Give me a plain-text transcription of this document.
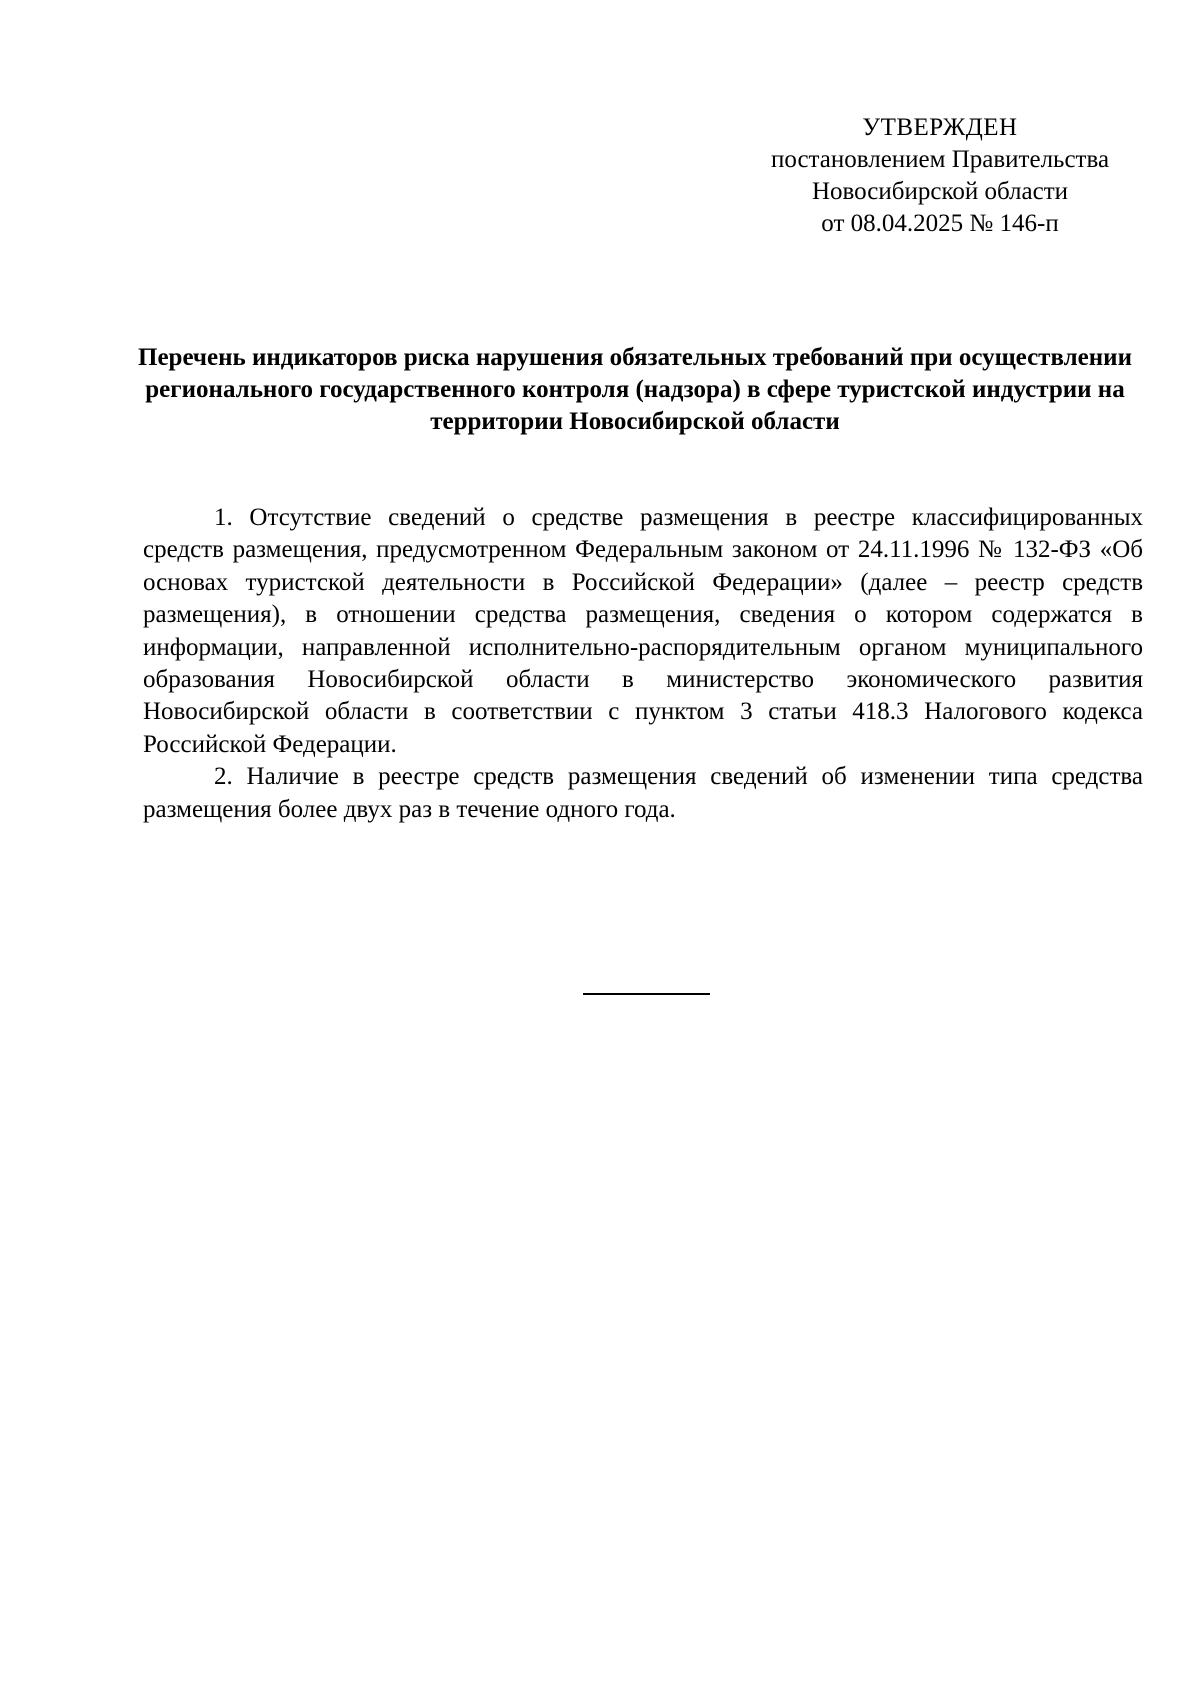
УТВЕРЖДЕН
постановлением Правительства
Новосибирской области
от 08.04.2025 № 146-п
Перечень индикаторов риска нарушения обязательных требований при осуществлении регионального государственного контроля (надзора) в сфере туристской индустрии на территории Новосибирской области

1. Отсутствие сведений о средстве размещения в реестре классифицированных средств размещения, предусмотренном Федеральным законом от 24.11.1996 № 132-ФЗ «Об основах туристской деятельности в Российской Федерации» (далее – реестр средств размещения), в отношении средства размещения, сведения о котором содержатся в информации, направленной исполнительно-распорядительным органом муниципального образования Новосибирской области в министерство экономического развития Новосибирской области в соответствии с пунктом 3 статьи 418.3 Налогового кодекса Российской Федерации.

2. Наличие в реестре средств размещения сведений об изменении типа средства размещения более двух раз в течение одного года.
